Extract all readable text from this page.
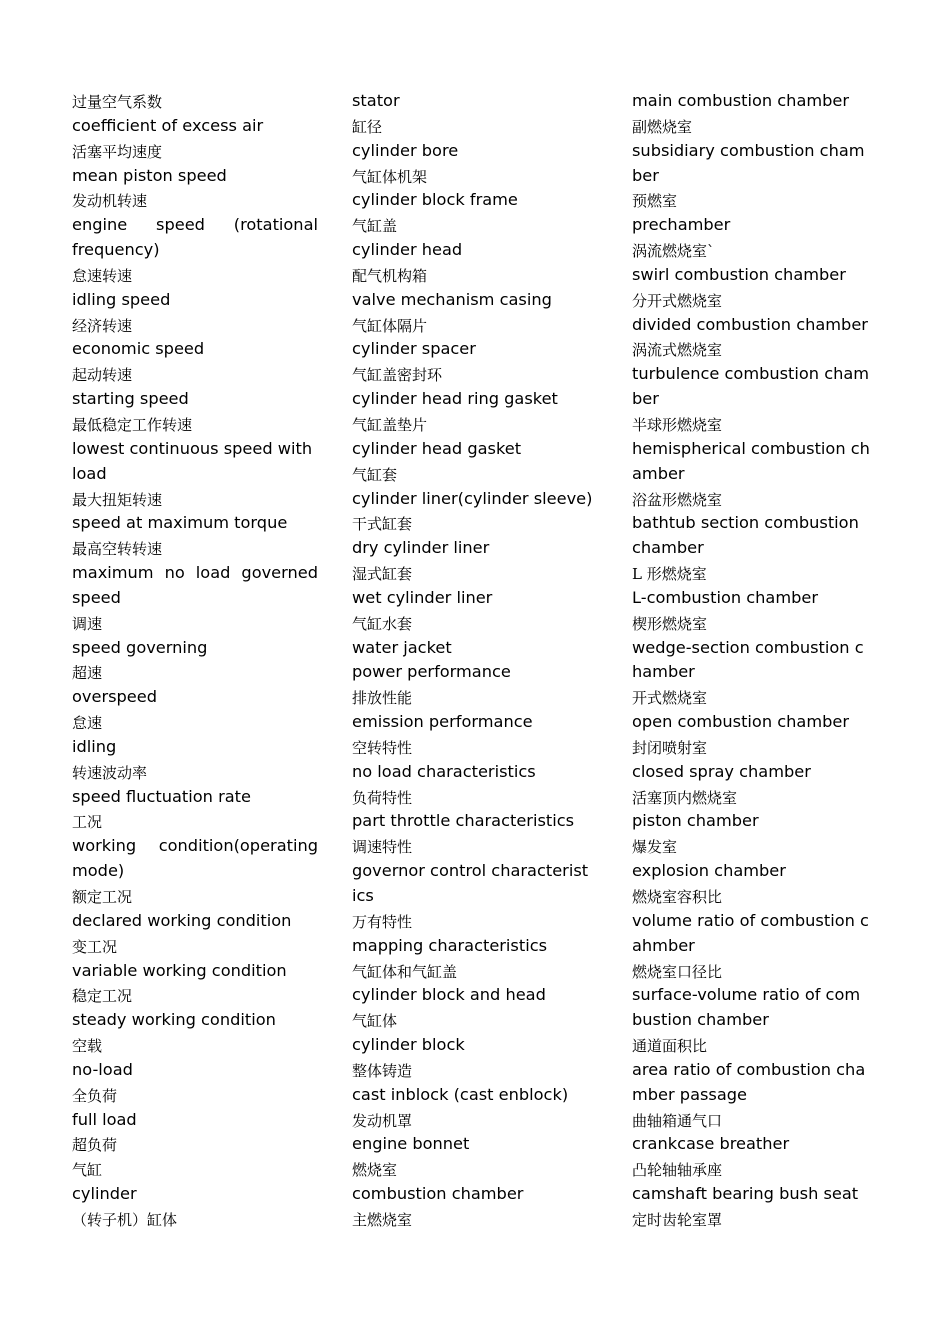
过量空气系数
coefficient of excess air
活塞平均速度
mean piston speed
发动机转速
engine speed (rotational
frequency)
怠速转速
idling speed
经济转速
economic speed
起动转速
starting speed
最低稳定工作转速
lowest continuous speed with
load
最大扭矩转速
speed at maximum torque
最高空转转速
maximum no load governed
speed
调速
speed governing
超速
overspeed
怠速
idling
转速波动率
speed fluctuation rate
工况
working condition(operating
mode)
额定工况
declared working condition
变工况
variable working condition
稳定工况
steady working condition
空载
no-load
全负荷
full load
超负荷
气缸
cylinder
（转子机）缸体
stator
缸径
cylinder bore
气缸体机架
cylinder block frame
气缸盖
cylinder head
配气机构箱
valve mechanism casing
气缸体隔片
cylinder spacer
气缸盖密封环
cylinder head ring gasket
气缸盖垫片
cylinder head gasket
气缸套
cylinder liner(cylinder sleeve)
干式缸套
dry cylinder liner
湿式缸套
wet cylinder liner
气缸水套
water jacket
power performance
排放性能
emission performance
空转特性
no load characteristics
负荷特性
part throttle characteristics
调速特性
governor control characterist
ics
万有特性
mapping characteristics
气缸体和气缸盖
cylinder block and head
气缸体
cylinder block
整体铸造
cast inblock (cast enblock)
发动机罩
engine bonnet
燃烧室
combustion chamber
主燃烧室
main combustion chamber
副燃烧室
subsidiary combustion cham
ber
预燃室
prechamber
涡流燃烧室`
swirl combustion chamber
分开式燃烧室
divided combustion chamber
涡流式燃烧室
turbulence combustion cham
ber
半球形燃烧室
hemispherical combustion ch
amber
浴盆形燃烧室
bathtub section combustion
chamber
L 形燃烧室
L-combustion chamber
楔形燃烧室
wedge-section combustion c
hamber
开式燃烧室
open combustion chamber
封闭喷射室
closed spray chamber
活塞顶内燃烧室
piston chamber
爆发室
explosion chamber
燃烧室容积比
volume ratio of combustion c
ahmber
燃烧室口径比
surface-volume ratio of com
bustion chamber
通道面积比
area ratio of combustion cha
mber passage
曲轴箱通气口
crankcase breather
凸轮轴轴承座
camshaft bearing bush seat
定时齿轮室罩
